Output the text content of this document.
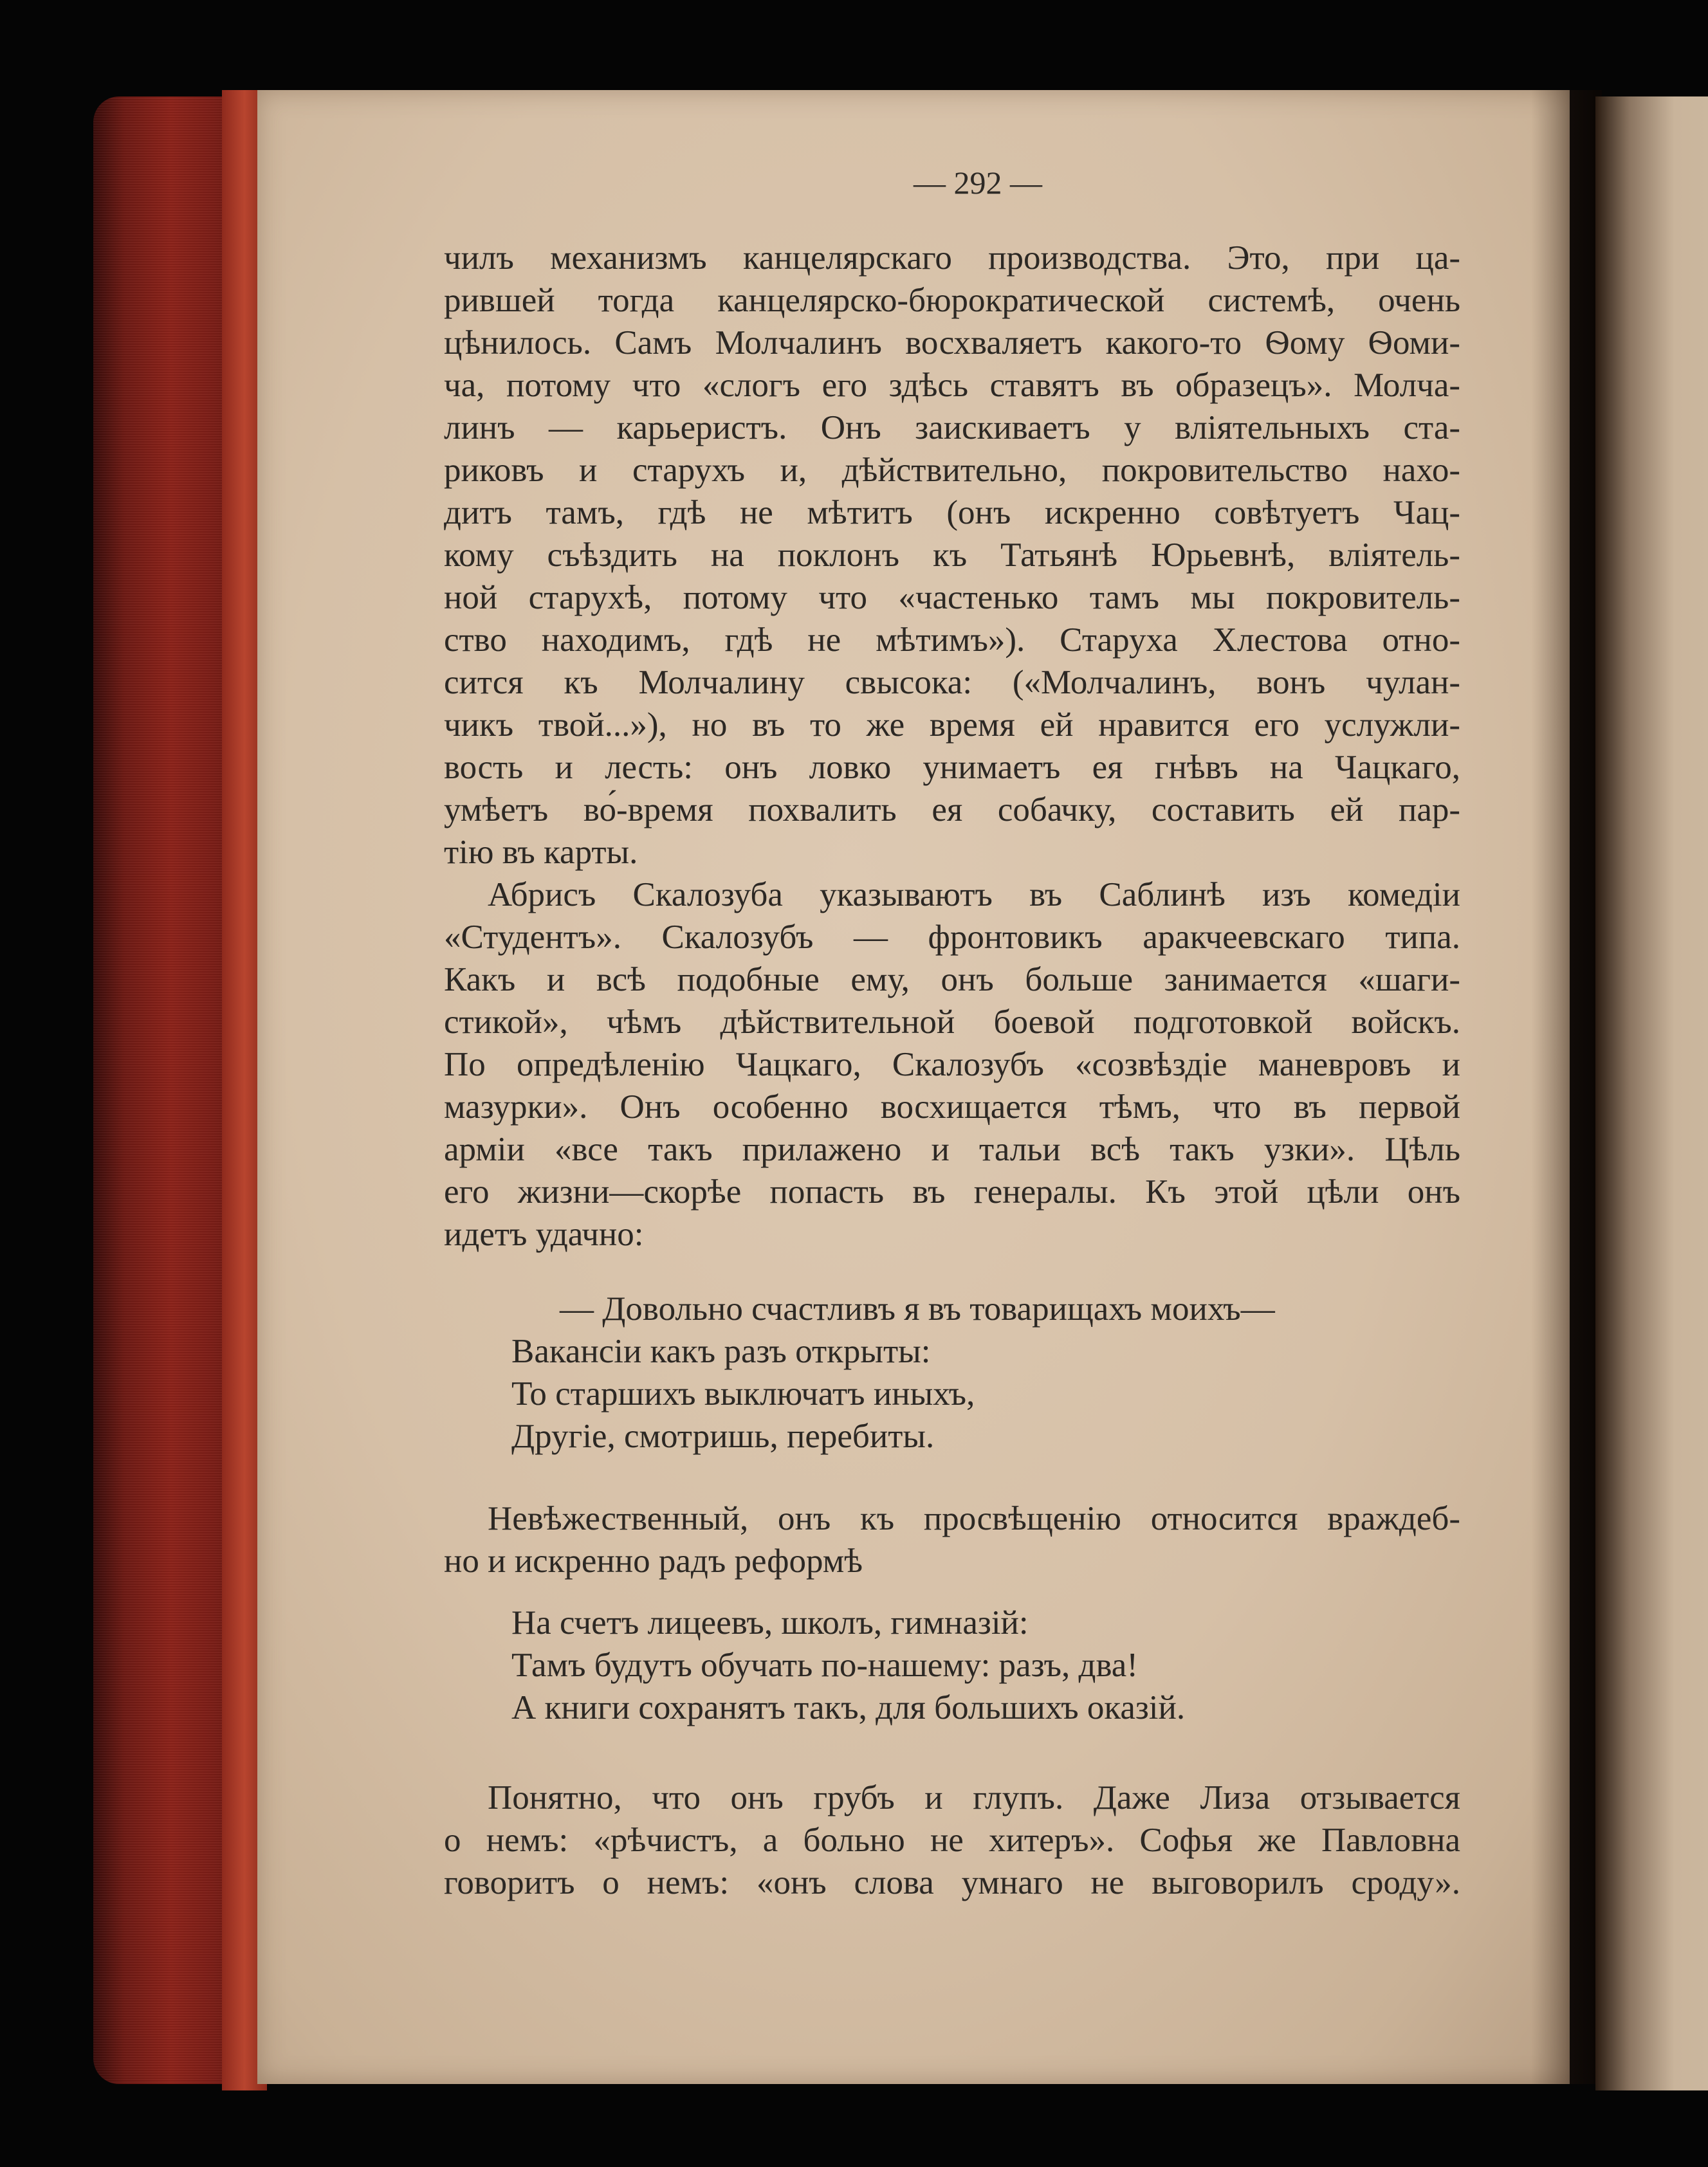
— 292 —

чилъ механизмъ канцелярскаго производства. Это, при ца-

рившей тогда канцелярско-бюрократической системѣ, очень

цѣнилось. Самъ Молчалинъ восхваляетъ какого-то Ѳому Ѳоми-

ча, потому что «слогъ его здѣсь ставятъ въ образецъ». Молча-

линъ — карьеристъ. Онъ заискиваетъ у вліятельныхъ ста-

риковъ и старухъ и, дѣйствительно, покровительство нахо-

дитъ тамъ, гдѣ не мѣтитъ (онъ искренно совѣтуетъ Чац-

кому съѣздить на поклонъ къ Татьянѣ Юрьевнѣ, вліятель-

ной старухѣ, потому что «частенько тамъ мы покровитель-

ство находимъ, гдѣ не мѣтимъ»). Старуха Хлестова отно-

сится къ Молчалину свысока: («Молчалинъ, вонъ чулан-

чикъ твой...»), но въ то же время ей нравится его услужли-

вость и лесть: онъ ловко унимаетъ ея гнѣвъ на Чацкаго,

умѣетъ во́-время похвалить ея собачку, составить ей пар-

тію въ карты.

Абрисъ Скалозуба указываютъ въ Саблинѣ изъ комедіи

«Студентъ». Скалозубъ — фронтовикъ аракчеевскаго типа.

Какъ и всѣ подобные ему, онъ больше занимается «шаги-

стикой», чѣмъ дѣйствительной боевой подготовкой войскъ.

По опредѣленію Чацкаго, Скалозубъ «созвѣздіе маневровъ и

мазурки». Онъ особенно восхищается тѣмъ, что въ первой

арміи «все такъ прилажено и тальи всѣ такъ узки». Цѣль

его жизни—скорѣе попасть въ генералы. Къ этой цѣли онъ

идетъ удачно:

— Довольно счастливъ я въ товарищахъ моихъ—
Вакансіи какъ разъ открыты:
То старшихъ выключатъ иныхъ,
Другіе, смотришь, перебиты.

Невѣжественный, онъ къ просвѣщенію относится враждеб-

но и искренно радъ реформѣ

На счетъ лицеевъ, школъ, гимназій:
Тамъ будутъ обучать по-нашему: разъ, два!
А книги сохранятъ такъ, для большихъ оказій.

Понятно, что онъ грубъ и глупъ. Даже Лиза отзывается

о немъ: «рѣчистъ, а больно не хитеръ». Софья же Павловна

говоритъ о немъ: «онъ слова умнаго не выговорилъ сроду».
